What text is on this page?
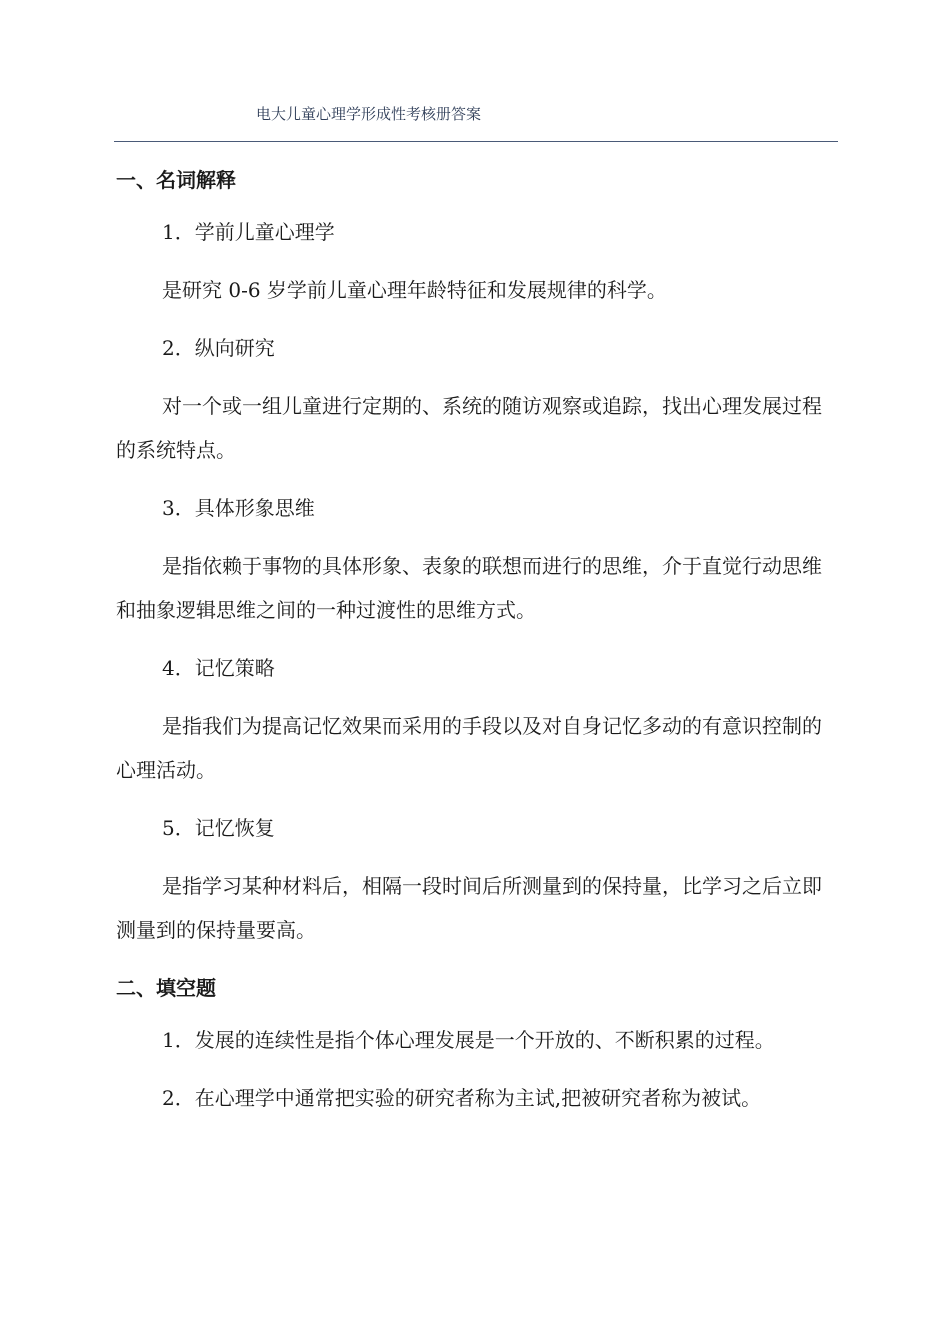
电大儿童心理学形成性考核册答案
一、名词解释

1．学前儿童心理学

是研究 0-6 岁学前儿童心理年龄特征和发展规律的科学。

2．纵向研究

对一个或一组儿童进行定期的、系统的随访观察或追踪，找出心理发展过程的系统特点。

3．具体形象思维

是指依赖于事物的具体形象、表象的联想而进行的思维，介于直觉行动思维和抽象逻辑思维之间的一种过渡性的思维方式。

4．记忆策略

是指我们为提高记忆效果而采用的手段以及对自身记忆多动的有意识控制的心理活动。

5．记忆恢复

是指学习某种材料后，相隔一段时间后所测量到的保持量，比学习之后立即测量到的保持量要高。

二、填空题

1．发展的连续性是指个体心理发展是一个开放的、不断积累的过程。

2．在心理学中通常把实验的研究者称为主试,把被研究者称为被试。
